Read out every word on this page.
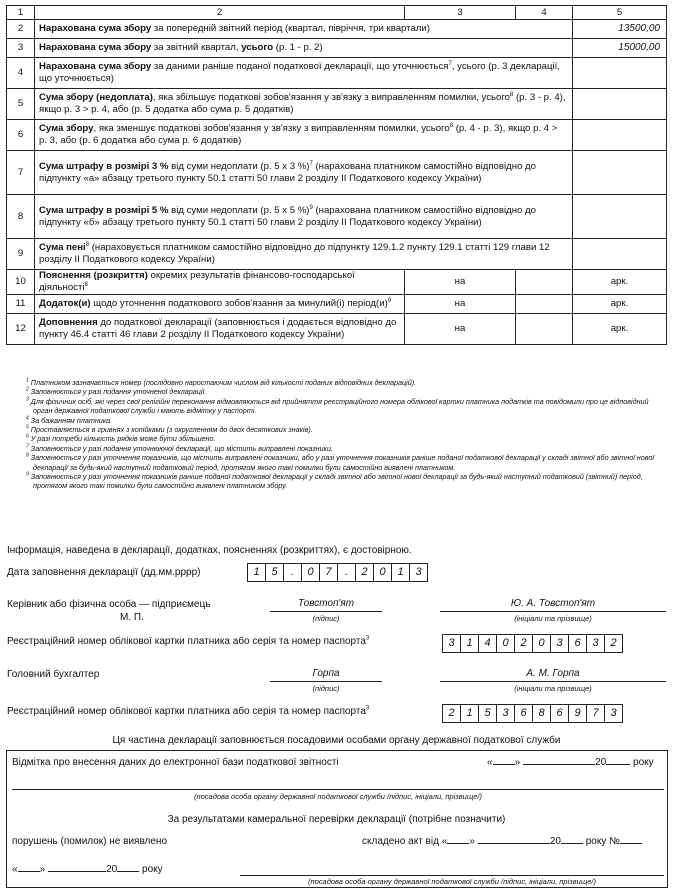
1	2	3	4	5
2	Нарахована сума збору за попередній звітний період (квартал, півріччя, три квартали)			13500,00
3	Нарахована сума збору за звітний квартал, усього (р. 1 - р. 2)			15000,00
4	Нарахована сума збору за даними раніше поданої податкової декларації, що уточнюється$^7$, усього (р. 3 декларації, що уточнюється)			
5	Сума збору (недоплата), яка збільшує податкові зобов'язання у зв'язку з виправленням помилки, усього$^8$ (р. 3 - р. 4), якщо р. 3 > р. 4, або (р. 5 додатка або сума р. 5 додатків)			
6	Сума збору, яка зменшує податкові зобов'язання у зв'язку з виправленням помилки, усього$^8$ (р. 4 - р. 3), якщо р. 4 > р. 3, або (р. 6 додатка або сума р. 6 додатків)			
7	Сума штрафу в розмірі 3 % від суми недоплати (р. 5 х 3 %)$^7$ (нарахована платником самостійно відповідно до підпункту «а» абзацу третього пункту 50.1 статті 50 глави 2 розділу II Податкового кодексу України)			
8	Сума штрафу в розмірі 5 % від суми недоплати (р. 5 х 5 %)$^9$ (нарахована платником самостійно відповідно до підпункту «б» абзацу третього пункту 50.1 статті 50 глави 2 розділу II Податкового кодексу України)			
9	Сума пені$^8$ (нараховується платником самостійно відповідно до підпункту 129.1.2 пункту 129.1 статті 129 глави 12 розділу II Податкового кодексу України)			
10	Пояснення (розкриття) окремих результатів фінансово-господарської діяльності$^8$	на		арк.
11	Додаток(и) щодо уточнення податкового зобов'язання за минулий(і) $період(и)^9$	на		арк.
12	Доповнення до податкової декларації (заповнюється і додається відповідно до пункту 46.4 статті 46 глави 2 розділу II Податкового кодексу України)	на		арк.

$^1$ Платником зазначається номер (послідовно наростаючим числом від кількості поданих відповідних декларацій).

$^2$ Заповнюється у разі подання уточненої декларації.

$^3$ Для фізичних осіб, які через свої релігійні переконання відмовляються від прийняття реєстраційного номера облікової картки платника податків та повідомили про це відповідний орган державної податкової служби і мають відмітку у паспорті.

$^4$ За бажанням платника.

$^5$ Проставляється в гривнях з копійками (з округленням до двох десяткових знаків).

$^6$ У разі потреби кількість рядків може бути збільшено.

$^7$ Заповнюється у разі подання уточнюючої декларації, що містить виправлені показники.

$^8$ Заповнюється у разі уточнення показників, що містить виправлені показники, або у разі уточнення показників раніше поданої податкової декларації у складі звітної або звітної нової декларації за будь-який наступний податковий період, протягом якого такі помилки були самостійно виявлені платником.

$^9$ Заповнюється у разі уточнення показників раніше поданої податкової декларації у складі звітної або звітної нової декларації за будь-який наступний податковий (звітний) період, протягом якого такі помилки були самостійно виявлені платником збору.

Інформація, наведена в декларації, додатках, поясненнях (розкриттях), є достовірною.
Дата заповнення декларації (дд.мм.рррр)	1	5	.	0	7	.	2	0	1	3
Керівник або фізична особа — підприємець
М. П.
Товстоп'ят
(підпис)
Ю. А. Товстоп'ят
(ініціали та прізвище)
Реєстраційний номер облікової картки платника або серія та номер паспорта$^3$	3	1	4	0	2	0	3	6	3	2
Головний бухгалтер	Горпа
(підпис)
А. М. Горпа
(ініціали та прізвище)
Реєстраційний номер облікової картки платника або серія та номер паспорта$^3$	2	1	5	3	6	8	6	9	7	3
Ця частина декларації заповнюється посадовими особами органу державної податкової служби
Відмітка про внесення даних до електронної бази податкової звітності	« »	20	року
(посадова особа органу державної податкової служби /підпис, ініціали, прізвище/)
За результатами камеральної перевірки декларації (потрібне позначити)
порушень (помилок) не виявлено	складено акт від « »	20 року №
« »	20 року
(посадова особа органу державної податкової служби /підпис, ініціали, прізвище/)
